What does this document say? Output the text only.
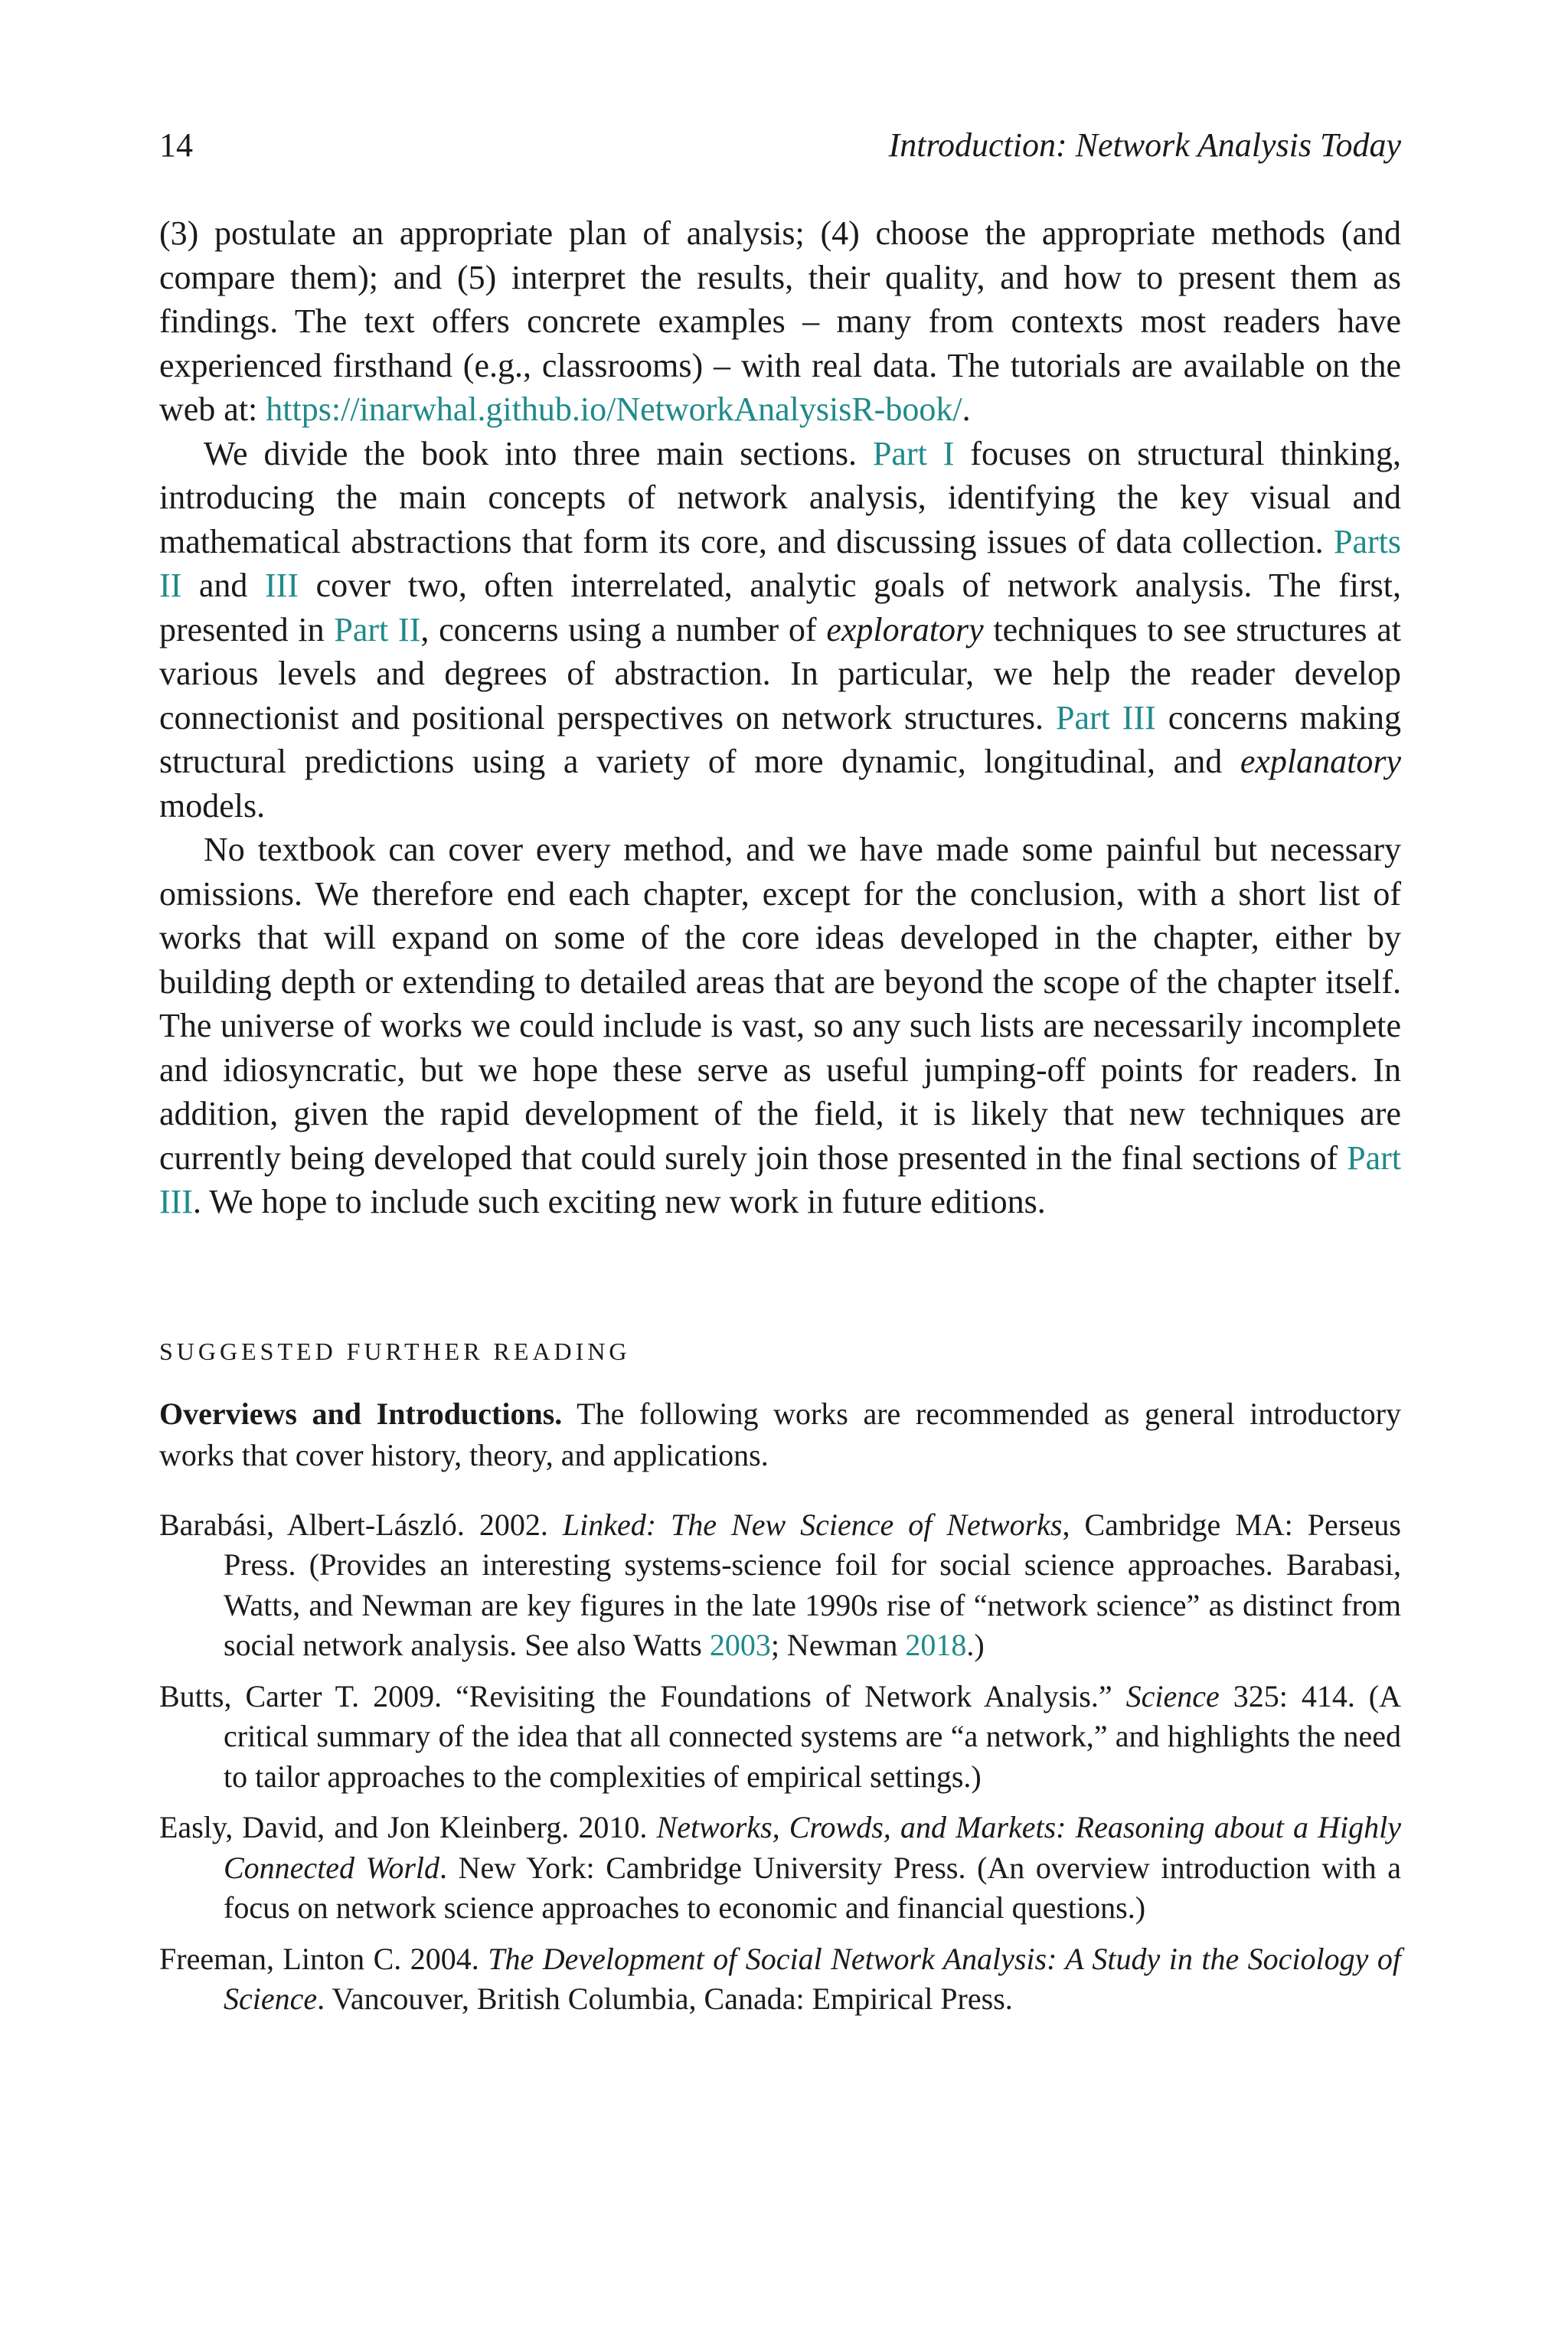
14	Introduction: Network Analysis Today

(3) postulate an appropriate plan of analysis; (4) choose the appropriate methods (and compare them); and (5) interpret the results, their quality, and how to present them as findings. The text offers concrete examples – many from contexts most readers have experienced firsthand (e.g., classrooms) – with real data. The tutorials are available on the web at: https://inarwhal.github.io/NetworkAnalysisR-book/.

We divide the book into three main sections. Part I focuses on structural thinking, introducing the main concepts of network analysis, identifying the key visual and mathematical abstractions that form its core, and discussing issues of data collection. Parts II and III cover two, often interrelated, analytic goals of network analysis. The first, presented in Part II, concerns using a number of exploratory techniques to see structures at various levels and degrees of abstraction. In particular, we help the reader develop connectionist and positional perspectives on network structures. Part III concerns making structural predictions using a variety of more dynamic, longitudinal, and explanatory models.

No textbook can cover every method, and we have made some painful but necessary omissions. We therefore end each chapter, except for the conclusion, with a short list of works that will expand on some of the core ideas developed in the chapter, either by building depth or extending to detailed areas that are beyond the scope of the chapter itself. The universe of works we could include is vast, so any such lists are necessarily incomplete and idiosyncratic, but we hope these serve as useful jumping-off points for readers. In addition, given the rapid development of the field, it is likely that new techniques are currently being developed that could surely join those presented in the final sections of Part III. We hope to include such exciting new work in future editions.

SUGGESTED FURTHER READING
Overviews and Introductions. The following works are recommended as general introductory works that cover history, theory, and applications.
Barabási, Albert-László. 2002. Linked: The New Science of Networks, Cambridge MA: Perseus Press. (Provides an interesting systems-science foil for social science approaches. Barabasi, Watts, and Newman are key figures in the late 1990s rise of “network science” as distinct from social network analysis. See also Watts 2003; Newman 2018.)
Butts, Carter T. 2009. “Revisiting the Foundations of Network Analysis.” Science 325: 414. (A critical summary of the idea that all connected systems are “a network,” and highlights the need to tailor approaches to the complexities of empirical settings.)
Easly, David, and Jon Kleinberg. 2010. Networks, Crowds, and Markets: Reasoning about a Highly Connected World. New York: Cambridge University Press. (An overview introduction with a focus on network science approaches to economic and financial questions.)
Freeman, Linton C. 2004. The Development of Social Network Analysis: A Study in the Sociology of Science. Vancouver, British Columbia, Canada: Empirical Press.
